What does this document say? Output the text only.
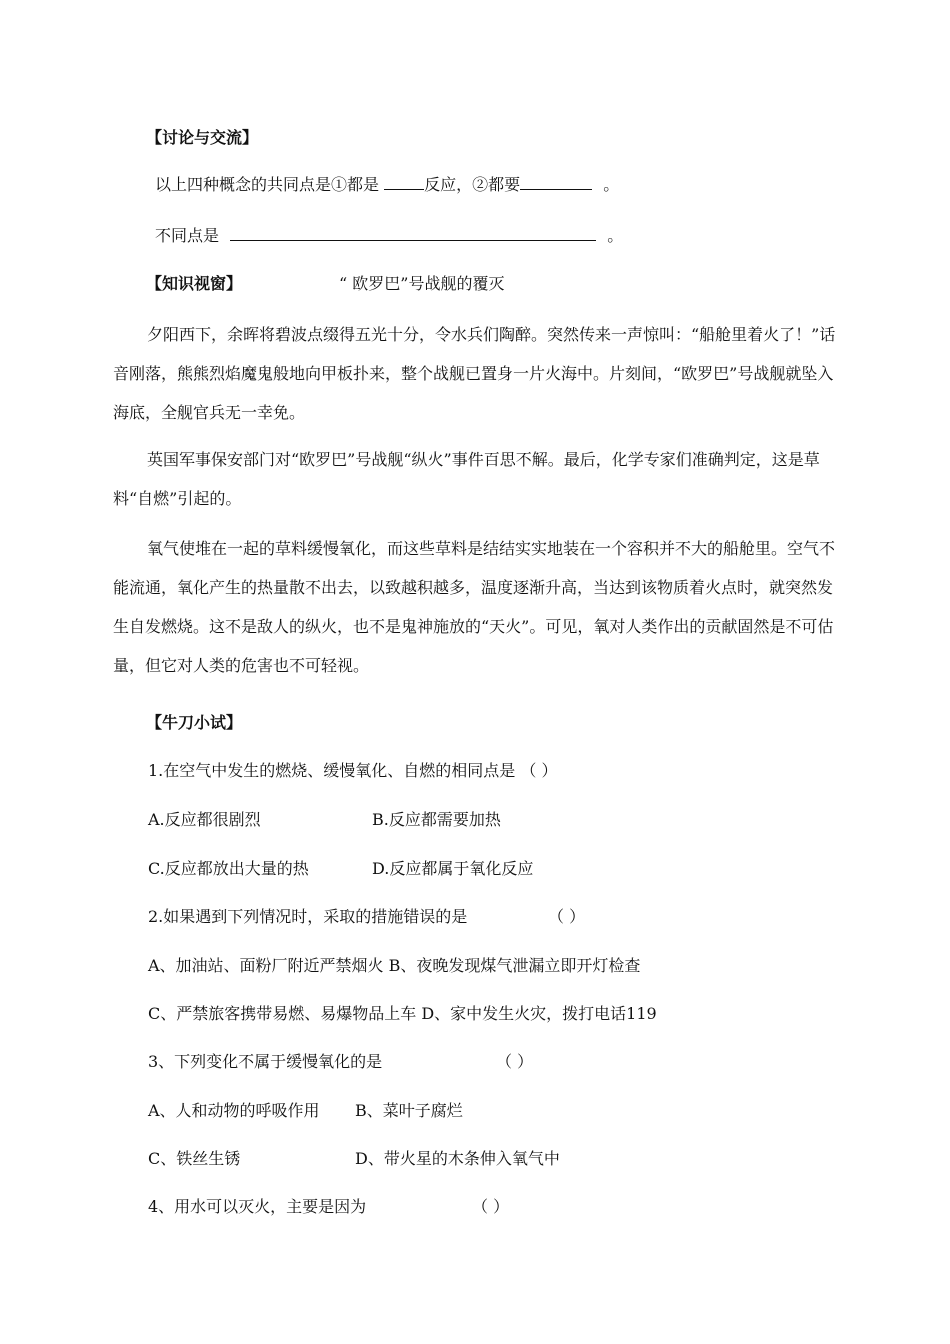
【讨论与交流】
以上四种概念的共同点是①都是	反应，②都要	。
不同点是	。
【知识视窗】	“ 欧罗巴”号战舰的覆灭
夕阳西下，余晖将碧波点缀得五光十分，令水兵们陶醉。突然传来一声惊叫：“船舱里着火了！”话音刚落，熊熊烈焰魔鬼般地向甲板扑来，整个战舰已置身一片火海中。片刻间，“欧罗巴”号战舰就坠入海底，全舰官兵无一幸免。
英国军事保安部门对“欧罗巴”号战舰“纵火”事件百思不解。最后，化学专家们准确判定，这是草料“自燃”引起的。
氧气使堆在一起的草料缓慢氧化，而这些草料是结结实实地装在一个容积并不大的船舱里。空气不能流通，氧化产生的热量散不出去，以致越积越多，温度逐渐升高，当达到该物质着火点时，就突然发生自发燃烧。这不是敌人的纵火，也不是鬼神施放的“天火”。可见，氧对人类作出的贡献固然是不可估量，但它对人类的危害也不可轻视。
【牛刀小试】
1.在空气中发生的燃烧、缓慢氧化、自燃的相同点是 （ ）
A.反应都很剧烈	B.反应都需要加热
C.反应都放出大量的热	D.反应都属于氧化反应
2.如果遇到下列情况时，采取的措施错误的是	（ ）
A、加油站、面粉厂附近严禁烟火 B、夜晚发现煤气泄漏立即开灯检查
C、严禁旅客携带易燃、易爆物品上车 D、家中发生火灾，拨打电话119
3、下列变化不属于缓慢氧化的是	（ ）
A、人和动物的呼吸作用 B、菜叶子腐烂
C、铁丝生锈	D、带火星的木条伸入氧气中
4、用水可以灭火，主要是因为	（ ）
